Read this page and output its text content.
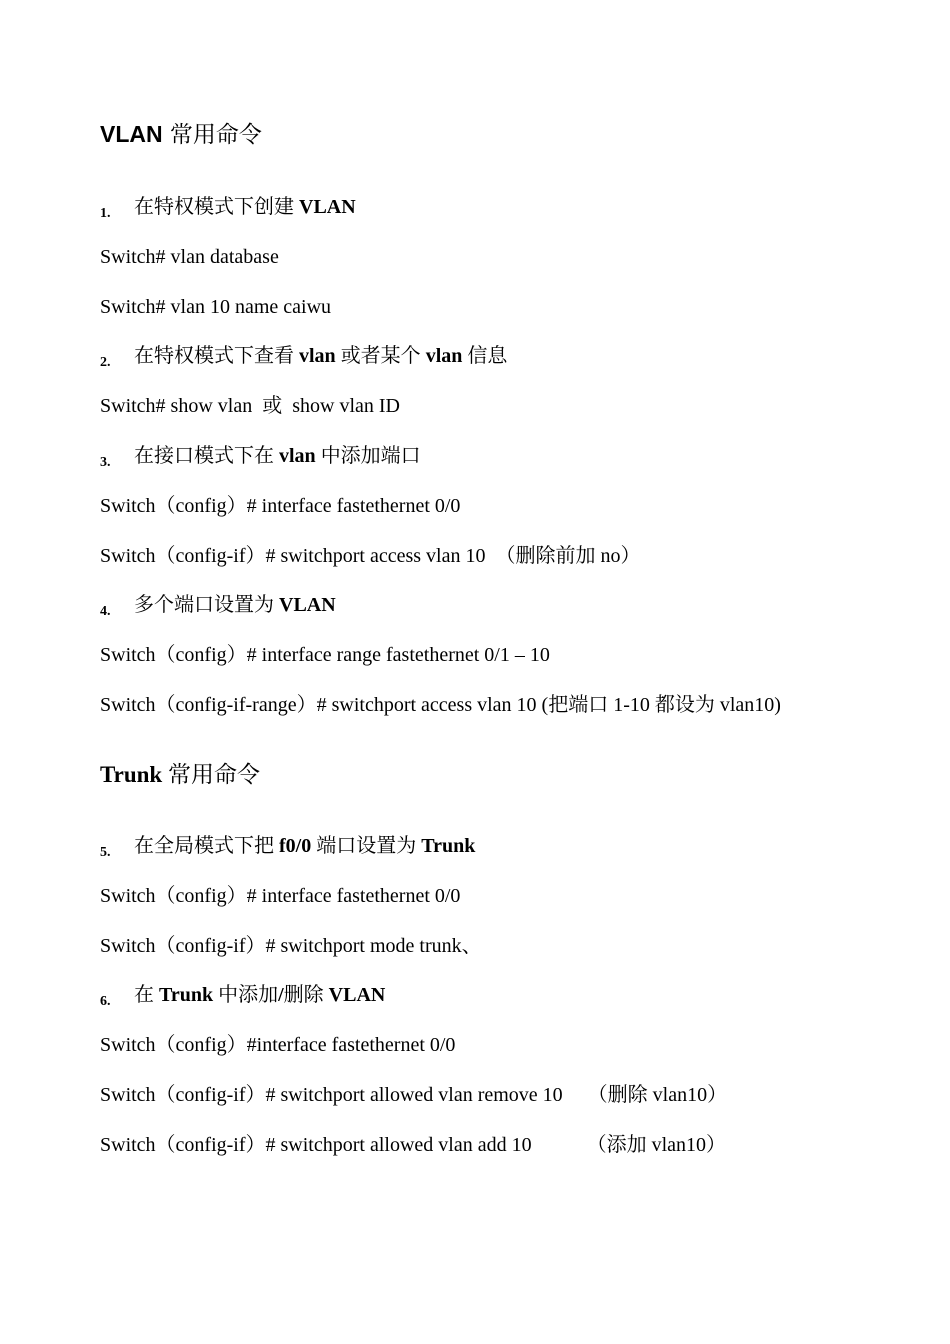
VLAN 常用命令
1. 在特权模式下创建 VLAN
Switch# vlan database
Switch# vlan 10 name caiwu
2. 在特权模式下查看 vlan 或者某个 vlan 信息
Switch# show vlan  或  show vlan ID
3. 在接口模式下在 vlan 中添加端口
Switch（config）# interface fastethernet 0/0
Switch（config-if）# switchport access vlan 10  （删除前加 no）
4. 多个端口设置为 VLAN
Switch（config）# interface range fastethernet 0/1 – 10
Switch（config-if-range）# switchport access vlan 10 (把端口 1-10 都设为 vlan10)
Trunk 常用命令
5. 在全局模式下把 f0/0 端口设置为 Trunk
Switch（config）# interface fastethernet 0/0
Switch（config-if）# switchport mode trunk、
6. 在 Trunk 中添加/删除 VLAN
Switch（config）#interface fastethernet 0/0
Switch（config-if）# switchport allowed vlan remove 10     （删除 vlan10）
Switch（config-if）# switchport allowed vlan add 10           （添加 vlan10）
